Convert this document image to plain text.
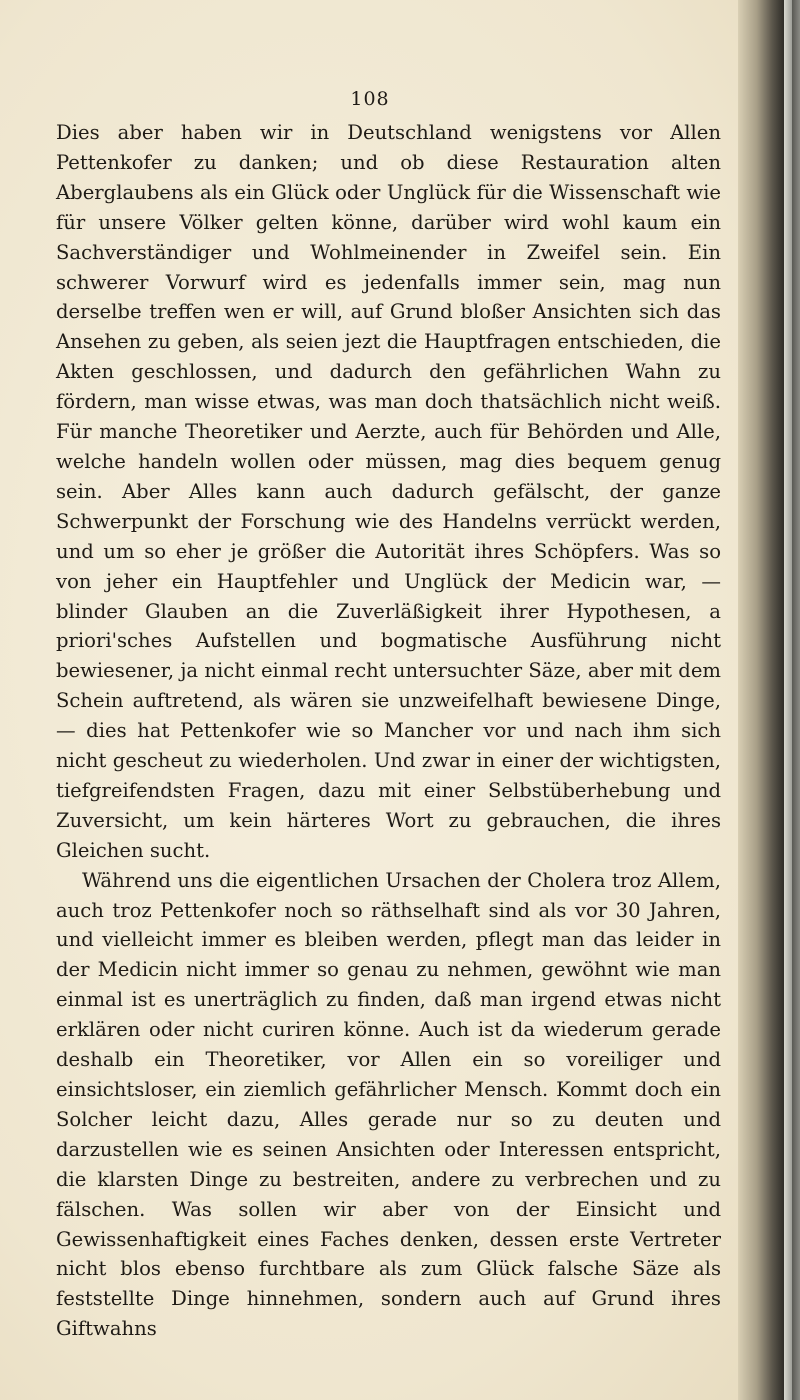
108

Dies aber haben wir in Deutschland wenigstens vor Allen Pettenkofer zu danken; und ob diese Restauration alten Aberglaubens als ein Glück oder Unglück für die Wissenschaft wie für unsere Völker gelten könne, darüber wird wohl kaum ein Sachverständiger und Wohlmeinender in Zweifel sein. Ein schwerer Vorwurf wird es jedenfalls immer sein, mag nun derselbe treffen wen er will, auf Grund bloßer Ansichten sich das Ansehen zu geben, als seien jezt die Hauptfragen entschieden, die Akten geschlossen, und dadurch den gefährlichen Wahn zu fördern, man wisse etwas, was man doch thatsächlich nicht weiß. Für manche Theoretiker und Aerzte, auch für Behörden und Alle, welche handeln wollen oder müssen, mag dies bequem genug sein. Aber Alles kann auch dadurch gefälscht, der ganze Schwerpunkt der Forschung wie des Handelns verrückt werden, und um so eher je größer die Autorität ihres Schöpfers. Was so von jeher ein Hauptfehler und Unglück der Medicin war, — blinder Glauben an die Zuverläßigkeit ihrer Hypothesen, a priori'sches Aufstellen und bogmatische Ausführung nicht bewiesener, ja nicht einmal recht untersuchter Säze, aber mit dem Schein auftretend, als wären sie unzweifelhaft bewiesene Dinge, — dies hat Pettenkofer wie so Mancher vor und nach ihm sich nicht gescheut zu wiederholen. Und zwar in einer der wichtigsten, tiefgreifendsten Fragen, dazu mit einer Selbstüberhebung und Zuversicht, um kein härteres Wort zu gebrauchen, die ihres Gleichen sucht.

Während uns die eigentlichen Ursachen der Cholera troz Allem, auch troz Pettenkofer noch so räthselhaft sind als vor 30 Jahren, und vielleicht immer es bleiben werden, pflegt man das leider in der Medicin nicht immer so genau zu nehmen, gewöhnt wie man einmal ist es unerträglich zu finden, daß man irgend etwas nicht erklären oder nicht curiren könne. Auch ist da wiederum gerade deshalb ein Theoretiker, vor Allen ein so voreiliger und einsichtsloser, ein ziemlich gefährlicher Mensch. Kommt doch ein Solcher leicht dazu, Alles gerade nur so zu deuten und darzustellen wie es seinen Ansichten oder Interessen entspricht, die klarsten Dinge zu bestreiten, andere zu verbrechen und zu fälschen. Was sollen wir aber von der Einsicht und Gewissenhaftigkeit eines Faches denken, dessen erste Vertreter nicht blos ebenso furchtbare als zum Glück falsche Säze als feststellte Dinge hinnehmen, sondern auch auf Grund ihres Giftwahns
